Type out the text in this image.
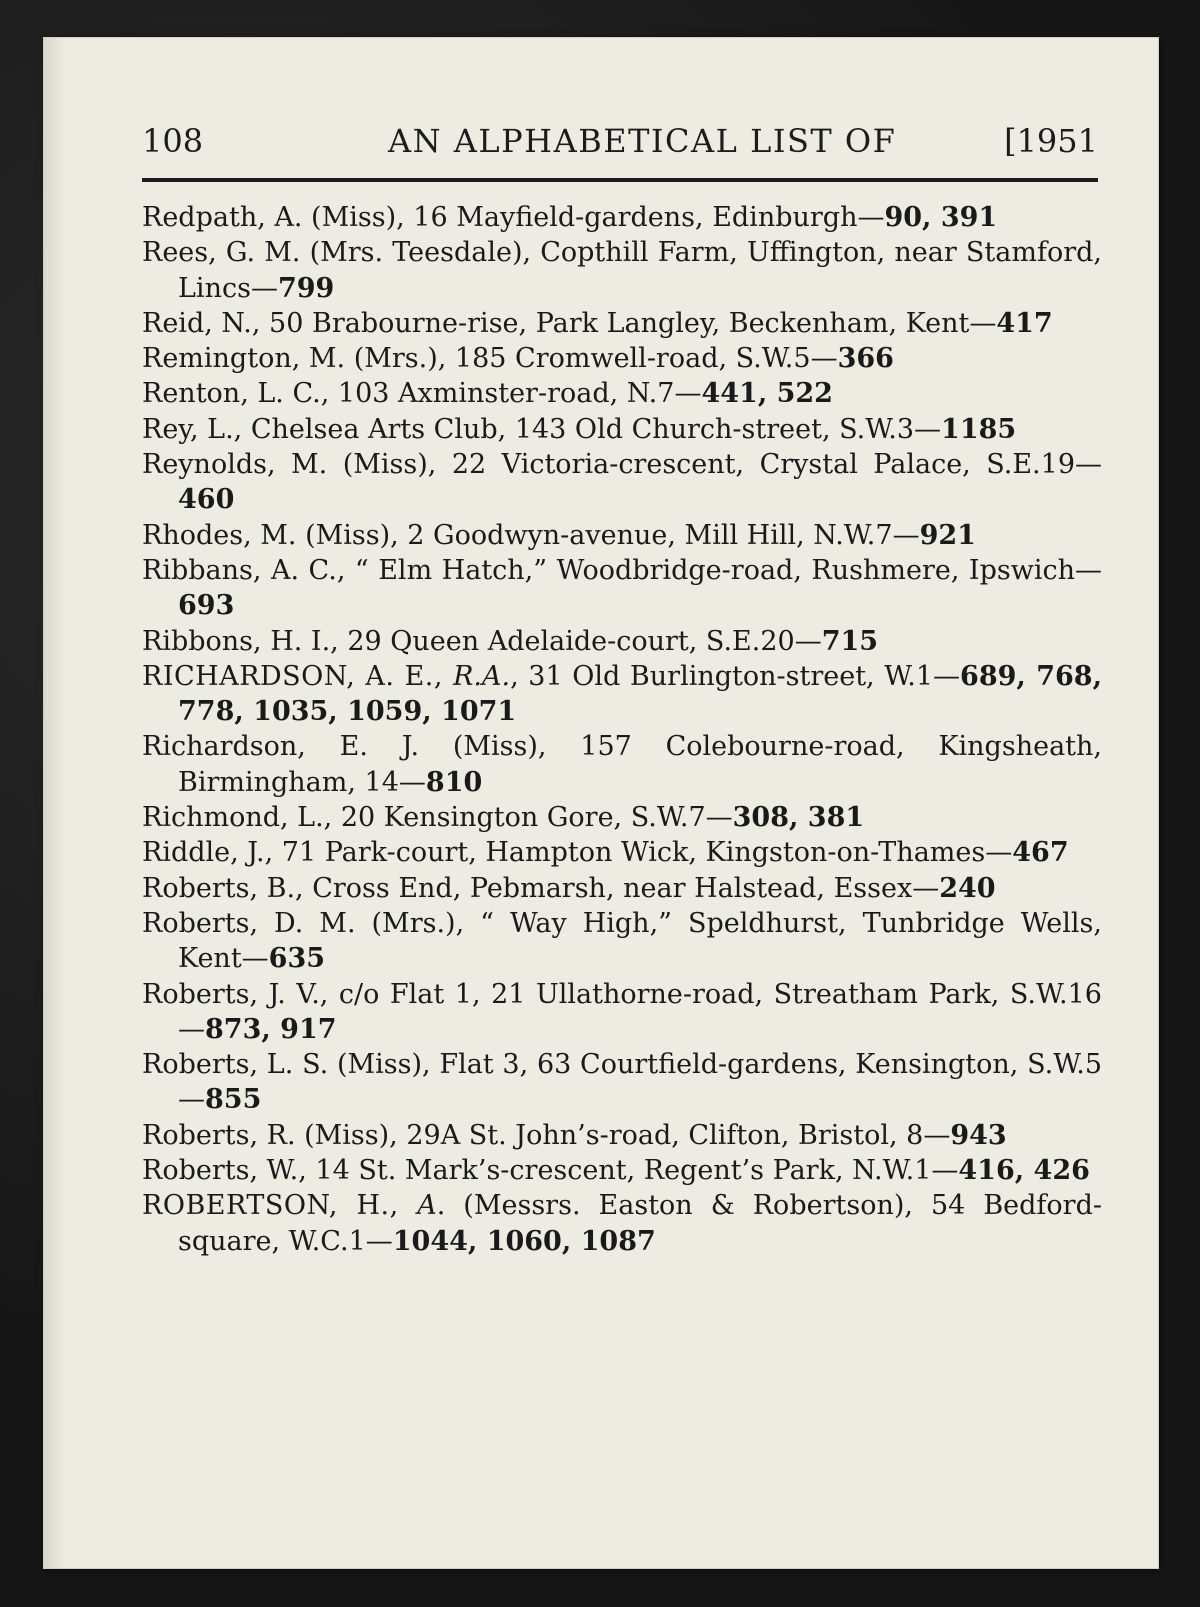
108	AN ALPHABETICAL LIST OF	[1951

Redpath, A. (Miss), 16 Mayfield-gardens, Edinburgh—90, 391

Rees, G. M. (Mrs. Teesdale), Copthill Farm, Uffington, near Stamford, Lincs—799

Reid, N., 50 Brabourne-rise, Park Langley, Beckenham, Kent—417

Remington, M. (Mrs.), 185 Cromwell-road, S.W.5—366

Renton, L. C., 103 Axminster-road, N.7—441, 522

Rey, L., Chelsea Arts Club, 143 Old Church-street, S.W.3—1185

Reynolds, M. (Miss), 22 Victoria-crescent, Crystal Palace, S.E.19—460

Rhodes, M. (Miss), 2 Goodwyn-avenue, Mill Hill, N.W.7—921

Ribbans, A. C., “ Elm Hatch,” Woodbridge-road, Rushmere, Ipswich—693

Ribbons, H. I., 29 Queen Adelaide-court, S.E.20—715

RICHARDSON, A. E., R.A., 31 Old Burlington-street, W.1—689, 768, 778, 1035, 1059, 1071

Richardson, E. J. (Miss), 157 Colebourne-road, Kingsheath, Birmingham, 14—810

Richmond, L., 20 Kensington Gore, S.W.7—308, 381

Riddle, J., 71 Park-court, Hampton Wick, Kingston-on-Thames—467

Roberts, B., Cross End, Pebmarsh, near Halstead, Essex—240

Roberts, D. M. (Mrs.), “ Way High,” Speldhurst, Tunbridge Wells, Kent—635

Roberts, J. V., c/o Flat 1, 21 Ullathorne-road, Streatham Park, S.W.16—873, 917

Roberts, L. S. (Miss), Flat 3, 63 Courtfield-gardens, Kensington, S.W.5—855

Roberts, R. (Miss), 29A St. John’s-road, Clifton, Bristol, 8—943

Roberts, W., 14 St. Mark’s-crescent, Regent’s Park, N.W.1—416, 426

ROBERTSON, H., A. (Messrs. Easton & Robertson), 54 Bedford-square, W.C.1—1044, 1060, 1087
